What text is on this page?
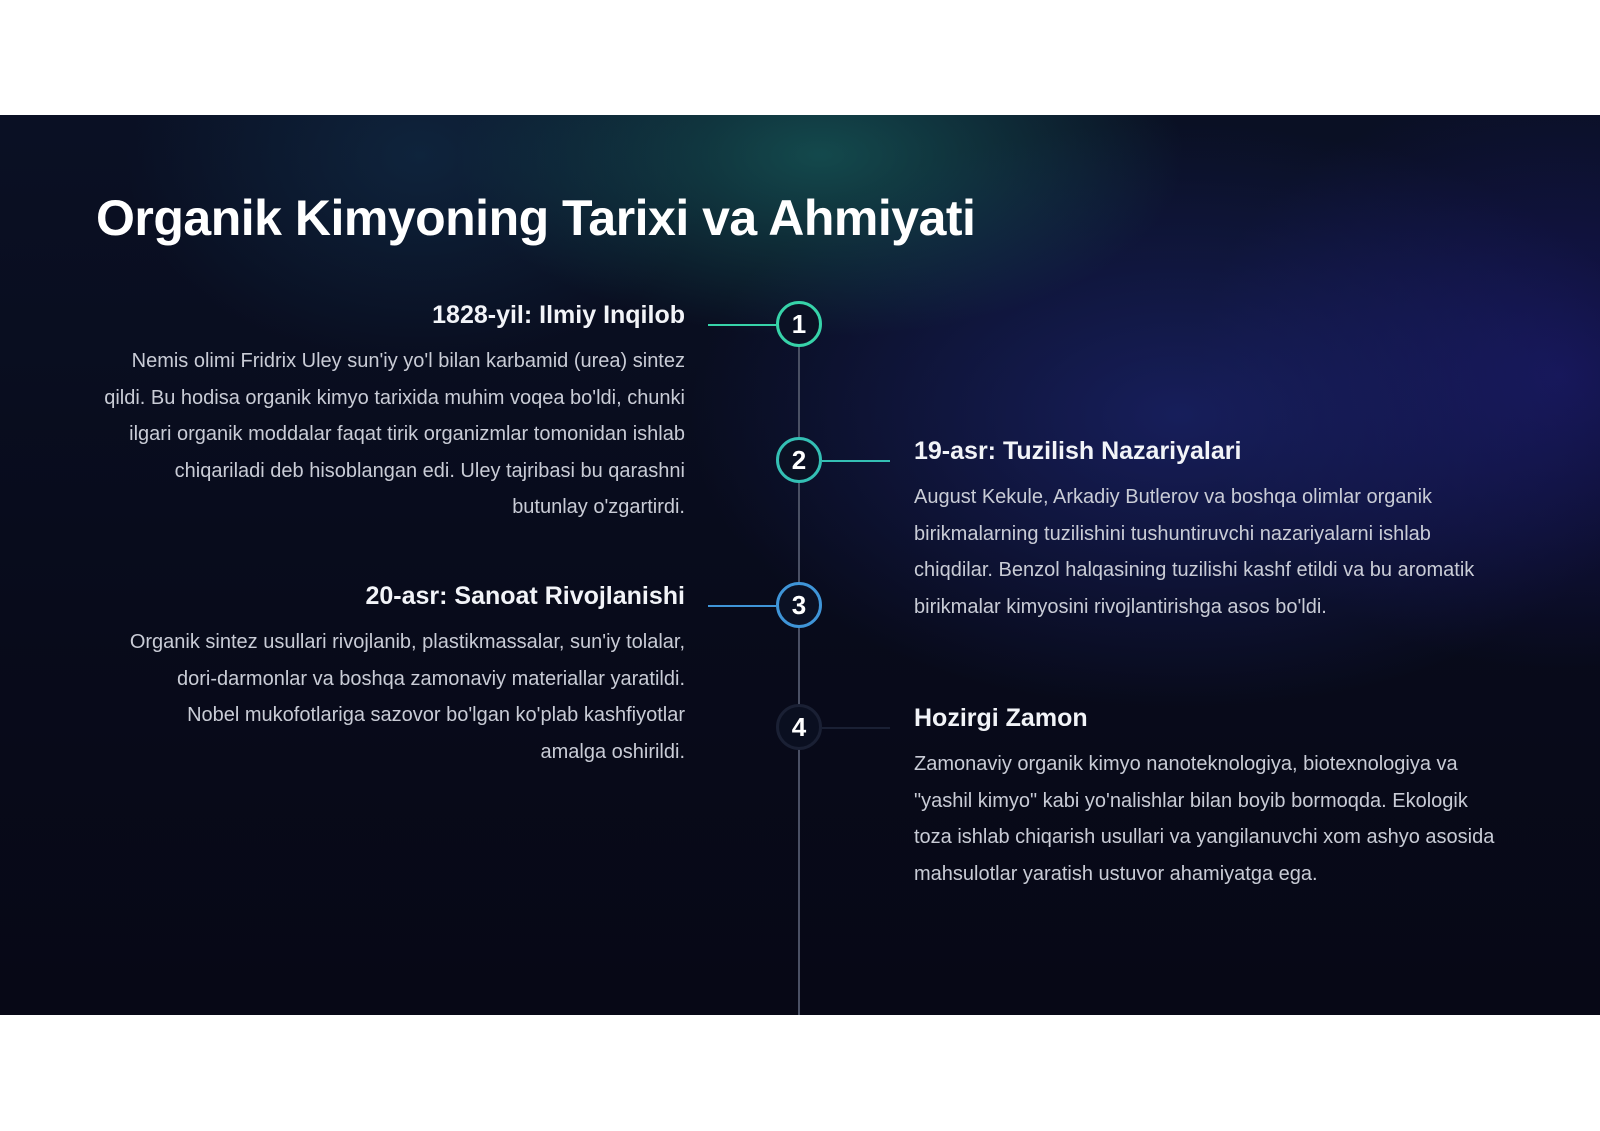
Organik Kimyoning Tarixi va Ahmiyati
1
1828-yil: Ilmiy Inqilob

Nemis olimi Fridrix Uley sun'iy yo'l bilan karbamid (urea) sintez qildi. Bu hodisa organik kimyo tarixida muhim voqea bo'ldi, chunki ilgari organik moddalar faqat tirik organizmlar tomonidan ishlab chiqariladi deb hisoblangan edi. Uley tajribasi bu qarashni butunlay o'zgartirdi.

2	19-asr: Tuzilish Nazariyalari

August Kekule, Arkadiy Butlerov va boshqa olimlar organik birikmalarning tuzilishini tushuntiruvchi nazariyalarni ishlab chiqdilar. Benzol halqasining tuzilishi kashf etildi va bu aromatik birikmalar kimyosini rivojlantirishga asos bo'ldi.

3
20-asr: Sanoat Rivojlanishi

Organik sintez usullari rivojlanib, plastikmassalar, sun'iy tolalar, dori-darmonlar va boshqa zamonaviy materiallar yaratildi. Nobel mukofotlariga sazovor bo'lgan ko'plab kashfiyotlar amalga oshirildi.

4	Hozirgi Zamon

Zamonaviy organik kimyo nanoteknologiya, biotexnologiya va "yashil kimyo" kabi yo'nalishlar bilan boyib bormoqda. Ekologik toza ishlab chiqarish usullari va yangilanuvchi xom ashyo asosida mahsulotlar yaratish ustuvor ahamiyatga ega.
